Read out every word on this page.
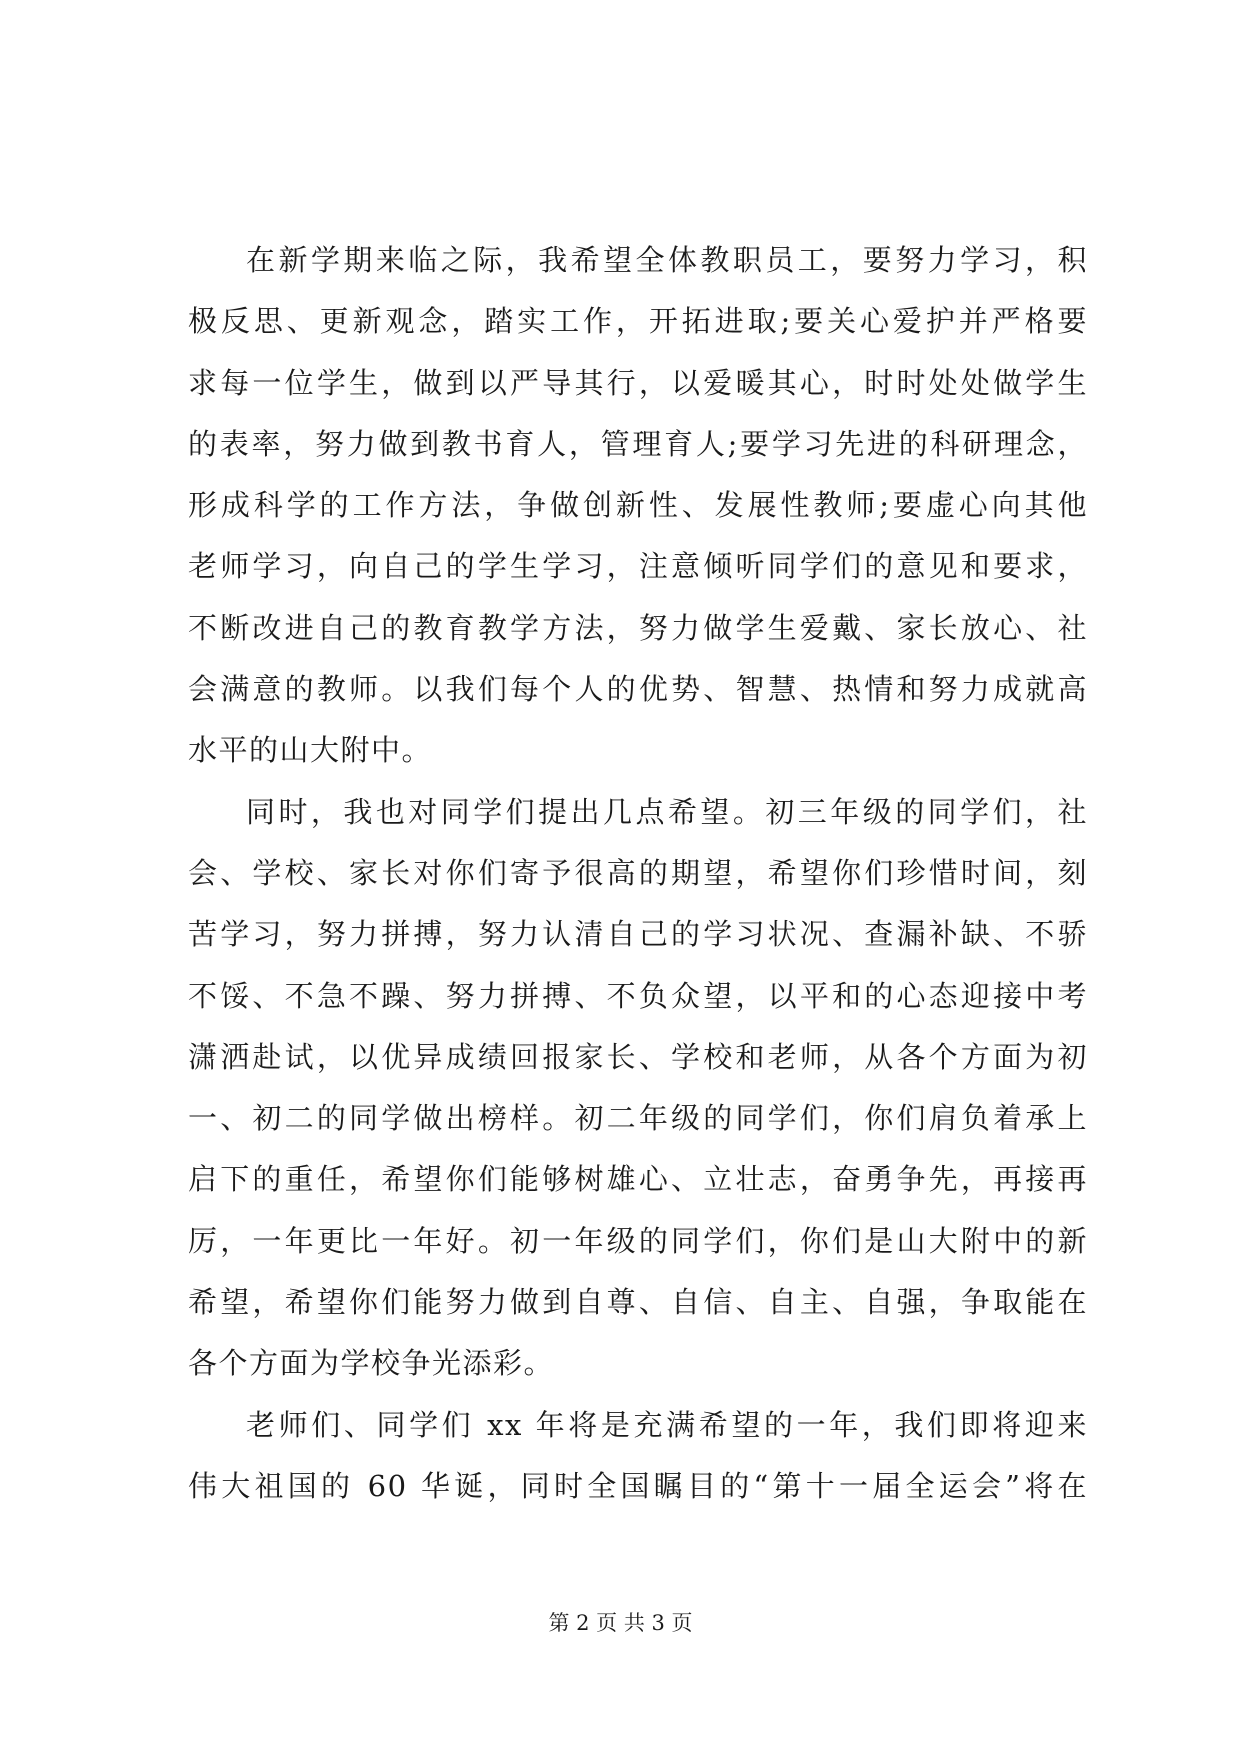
在新学期来临之际，我希望全体教职员工，要努力学习，积
极反思、更新观念，踏实工作，开拓进取;要关心爱护并严格要
求每一位学生，做到以严导其行，以爱暖其心，时时处处做学生
的表率，努力做到教书育人，管理育人;要学习先进的科研理念，
形成科学的工作方法，争做创新性、发展性教师;要虚心向其他
老师学习，向自己的学生学习，注意倾听同学们的意见和要求，
不断改进自己的教育教学方法，努力做学生爱戴、家长放心、社
会满意的教师。以我们每个人的优势、智慧、热情和努力成就高
水平的山大附中。
同时，我也对同学们提出几点希望。初三年级的同学们，社
会、学校、家长对你们寄予很高的期望，希望你们珍惜时间，刻
苦学习，努力拼搏，努力认清自己的学习状况、查漏补缺、不骄
不馁、不急不躁、努力拼搏、不负众望，以平和的心态迎接中考
潇洒赴试，以优异成绩回报家长、学校和老师，从各个方面为初
一、初二的同学做出榜样。初二年级的同学们，你们肩负着承上
启下的重任，希望你们能够树雄心、立壮志，奋勇争先，再接再
厉，一年更比一年好。初一年级的同学们，你们是山大附中的新
希望，希望你们能努力做到自尊、自信、自主、自强，争取能在
各个方面为学校争光添彩。
老师们、同学们 xx 年将是充满希望的一年，我们即将迎来
伟大祖国的 60 华诞，同时全国瞩目的“第十一届全运会”将在
第 2 页 共 3 页
